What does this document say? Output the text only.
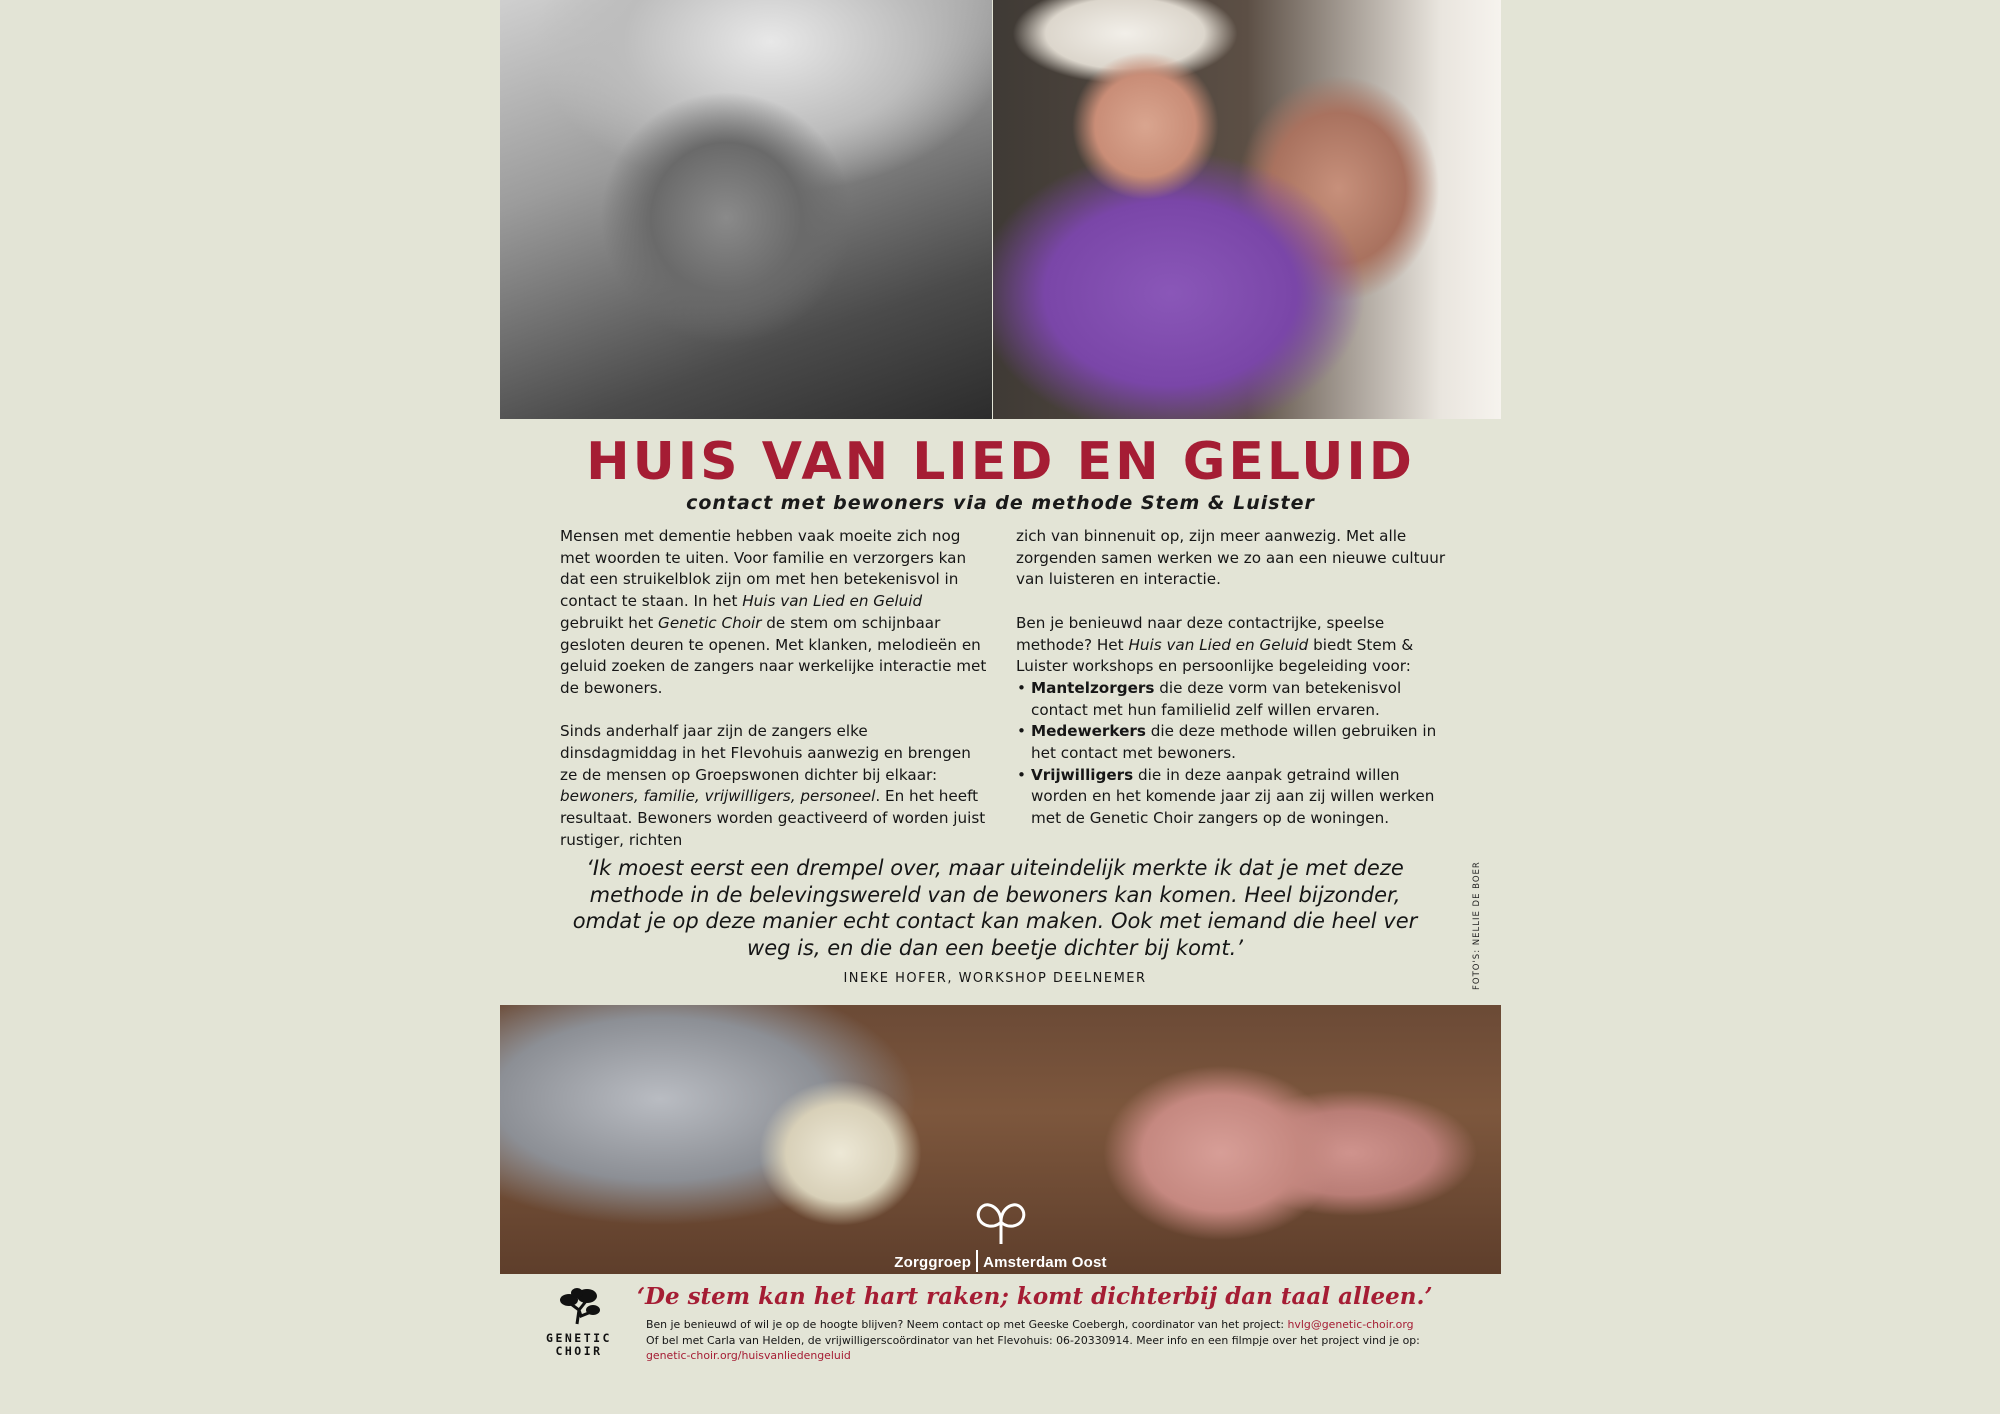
HUIS VAN LIED EN GELUID
contact met bewoners via de methode Stem & Luister

Mensen met dementie hebben vaak moeite zich nog met woorden te uiten. Voor familie en verzorgers kan dat een struikelblok zijn om met hen betekenisvol in contact te staan. In het Huis van Lied en Geluid gebruikt het Genetic Choir de stem om schijnbaar gesloten deuren te openen. Met klanken, melodieën en geluid zoeken de zangers naar werkelijke interactie met de bewoners.

Sinds anderhalf jaar zijn de zangers elke dinsdagmiddag in het Flevohuis aanwezig en brengen ze de mensen op Groepswonen dichter bij elkaar: bewoners, familie, vrijwilligers, personeel. En het heeft resultaat. Bewoners worden geactiveerd of worden juist rustiger, richten

zich van binnenuit op, zijn meer aanwezig. Met alle zorgenden samen werken we zo aan een nieuwe cultuur van luisteren en interactie.

Ben je benieuwd naar deze contactrijke, speelse methode? Het Huis van Lied en Geluid biedt Stem & Luister workshops en persoonlijke begeleiding voor:

• Mantelzorgers die deze vorm van betekenisvol contact met hun familielid zelf willen ervaren.
• Medewerkers die deze methode willen gebruiken in het contact met bewoners.
• Vrijwilligers die in deze aanpak getraind willen worden en het komende jaar zij aan zij willen werken met de Genetic Choir zangers op de woningen.
‘Ik moest eerst een drempel over, maar uiteindelijk merkte ik dat je met deze methode in de belevingswereld van de bewoners kan komen. Heel bijzonder, omdat je op deze manier echt contact kan maken. Ook met iemand die heel ver weg is, en die dan een beetje dichter bij komt.’
INEKE HOFER, WORKSHOP DEELNEMER	FOTO'S: NELLIE DE BOER
Zorggroep Amsterdam Oost
GENETIC
CHOIR
‘De stem kan het hart raken; komt dichterbij dan taal alleen.’
Ben je benieuwd of wil je op de hoogte blijven? Neem contact op met Geeske Coebergh, coordinator van het project: hvlg@genetic-choir.org
Of bel met Carla van Helden, de vrijwilligerscoördinator van het Flevohuis: 06-20330914. Meer info en een filmpje over het project vind je op:
genetic-choir.org/huisvanliedengeluid
